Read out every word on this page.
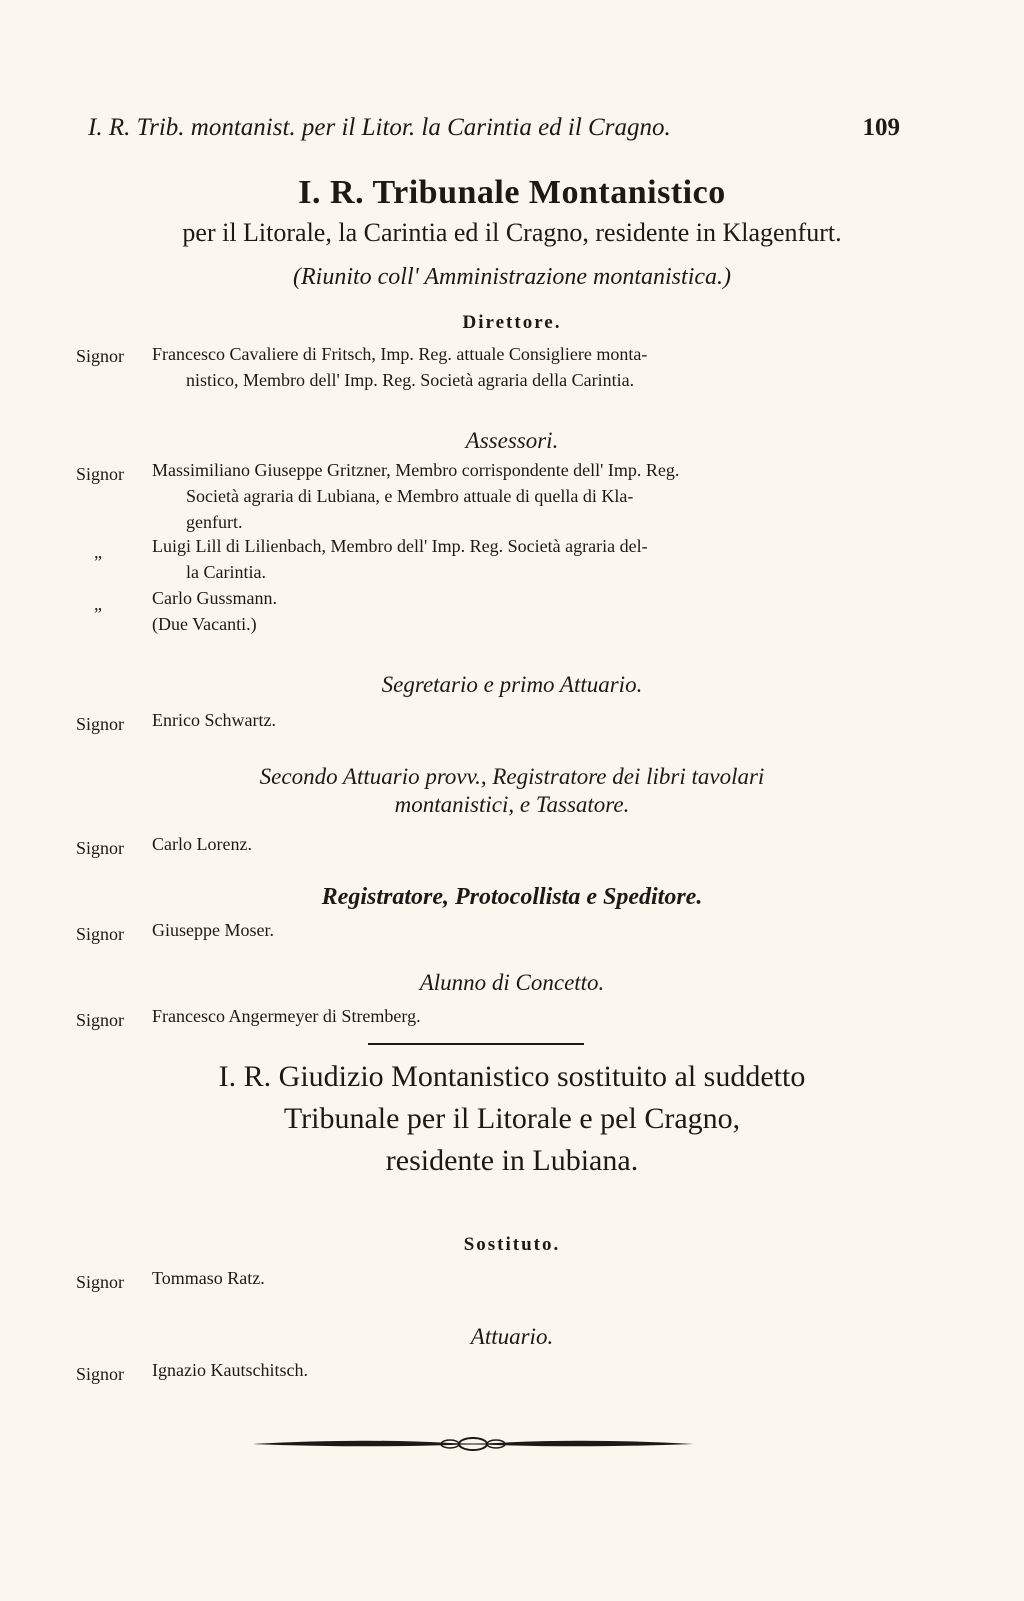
I. R. Trib. montanist. per il Litor. la Carintia ed il Cragno.	109
I. R. Tribunale Montanistico
per il Litorale, la Carintia ed il Cragno, residente in Klagenfurt.
(Riunito coll' Amministrazione montanistica.)
Direttore.
Signor Francesco Cavaliere di Fritsch, Imp. Reg. attuale Consigliere monta-
nistico, Membro dell' Imp. Reg. Società agraria della Carintia.
Assessori.
Signor Massimiliano Giuseppe Gritzner, Membro corrispondente dell' Imp. Reg.
Società agraria di Lubiana, e Membro attuale di quella di Kla-
genfurt.
„	Luigi Lill di Lilienbach, Membro dell' Imp. Reg. Società agraria del-
la Carintia.
„	Carlo Gussmann.
(Due Vacanti.)
Segretario e primo Attuario.
Signor Enrico Schwartz.
Secondo Attuario provv., Registratore dei libri tavolari
montanistici, e Tassatore.
Signor Carlo Lorenz.
Registratore, Protocollista e Speditore.
Signor Giuseppe Moser.
Alunno di Concetto.
Signor Francesco Angermeyer di Stremberg.
I. R. Giudizio Montanistico sostituito al suddetto
Tribunale per il Litorale e pel Cragno,
residente in Lubiana.
Sostituto.
Signor Tommaso Ratz.
Attuario.
Signor Ignazio Kautschitsch.
